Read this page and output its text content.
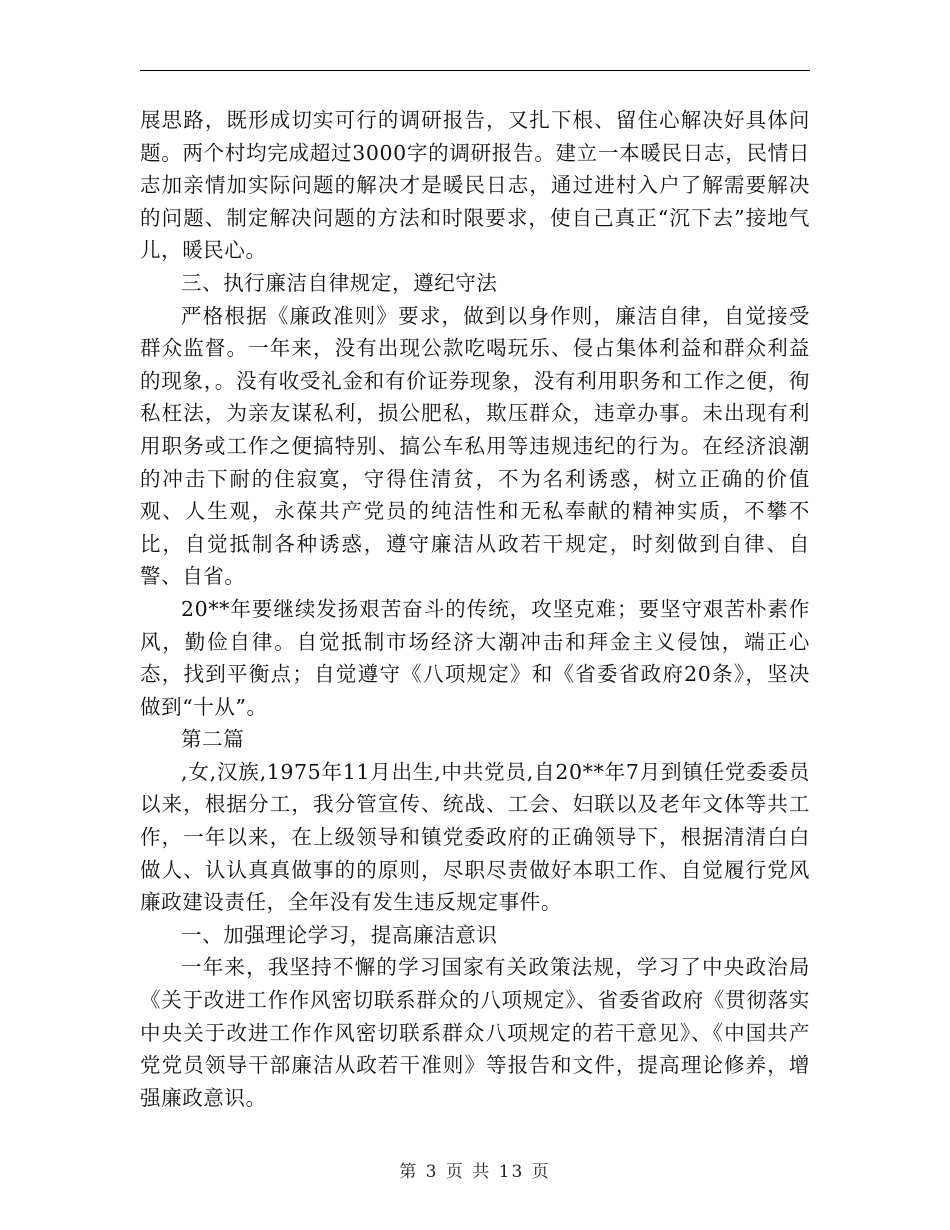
展思路，既形成切实可行的调研报告，又扎下根、留住心解决好具体问题。两个村均完成超过3000字的调研报告。建立一本暖民日志，民情日志加亲情加实际问题的解决才是暖民日志，通过进村入户了解需要解决的问题、制定解决问题的方法和时限要求，使自己真正“沉下去”接地气儿，暖民心。

三、执行廉洁自律规定，遵纪守法

严格根据《廉政准则》要求，做到以身作则，廉洁自律，自觉接受群众监督。一年来，没有出现公款吃喝玩乐、侵占集体利益和群众利益的现象，。没有收受礼金和有价证券现象，没有利用职务和工作之便，徇私枉法，为亲友谋私利，损公肥私，欺压群众，违章办事。未出现有利用职务或工作之便搞特别、搞公车私用等违规违纪的行为。在经济浪潮的冲击下耐的住寂寞，守得住清贫，不为名利诱惑，树立正确的价值观、人生观，永葆共产党员的纯洁性和无私奉献的精神实质，不攀不比，自觉抵制各种诱惑，遵守廉洁从政若干规定，时刻做到自律、自警、自省。

20**年要继续发扬艰苦奋斗的传统，攻坚克难；要坚守艰苦朴素作风，勤俭自律。自觉抵制市场经济大潮冲击和拜金主义侵蚀，端正心态，找到平衡点；自觉遵守《八项规定》和《省委省政府20条》，坚决做到“十从”。

第二篇

,女,汉族,1975年11月出生,中共党员,自20**年7月到镇任党委委员以来，根据分工，我分管宣传、统战、工会、妇联以及老年文体等共工作，一年以来，在上级领导和镇党委政府的正确领导下，根据清清白白做人、认认真真做事的的原则，尽职尽责做好本职工作、自觉履行党风廉政建设责任，全年没有发生违反规定事件。

一、加强理论学习，提高廉洁意识

一年来，我坚持不懈的学习国家有关政策法规，学习了中央政治局《关于改进工作作风密切联系群众的八项规定》、省委省政府《贯彻落实中央关于改进工作作风密切联系群众八项规定的若干意见》、《中国共产党党员领导干部廉洁从政若干准则》等报告和文件，提高理论修养，增强廉政意识。

第 3 页 共 13 页
